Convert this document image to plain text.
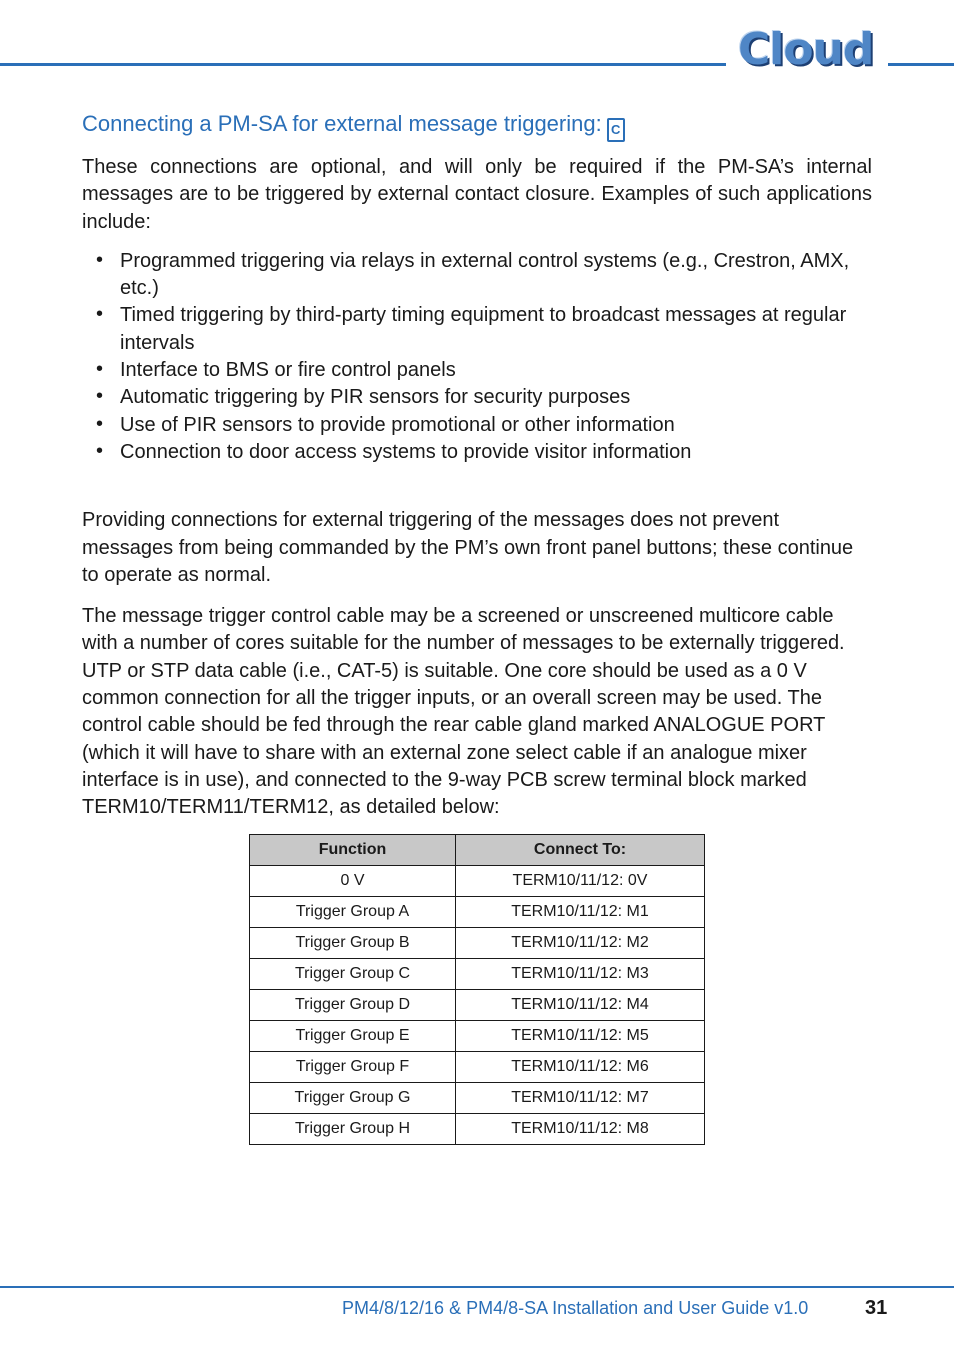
Cloud
Connecting a PM-SA for external message triggering: C

These connections are optional, and will only be required if the PM-SA’s internal messages are to be triggered by external contact closure. Examples of such applications include:

• Programmed triggering via relays in external control systems (e.g., Crestron, AMX, etc.)
• Timed triggering by third-party timing equipment to broadcast messages at regular intervals
• Interface to BMS or fire control panels
• Automatic triggering by PIR sensors for security purposes
• Use of PIR sensors to provide promotional or other information
• Connection to door access systems to provide visitor information

Providing connections for external triggering of the messages does not prevent messages from being commanded by the PM’s own front panel buttons; these continue to operate as normal.

The message trigger control cable may be a screened or unscreened multicore cable with a number of cores suitable for the number of messages to be externally triggered. UTP or STP data cable (i.e., CAT-5) is suitable. One core should be used as a 0 V common connection for all the trigger inputs, or an overall screen may be used. The control cable should be fed through the rear cable gland marked ANALOGUE PORT (which it will have to share with an external zone select cable if an analogue mixer interface is in use), and connected to the 9-way PCB screw terminal block marked TERM10/TERM11/TERM12, as detailed below:

Function	Connect To:
0 V	TERM10/11/12: 0V
Trigger Group A	TERM10/11/12: M1
Trigger Group B	TERM10/11/12: M2
Trigger Group C	TERM10/11/12: M3
Trigger Group D	TERM10/11/12: M4
Trigger Group E	TERM10/11/12: M5
Trigger Group F	TERM10/11/12: M6
Trigger Group G	TERM10/11/12: M7
Trigger Group H	TERM10/11/12: M8
PM4/8/12/16 & PM4/8-SA Installation and User Guide v1.0	31
